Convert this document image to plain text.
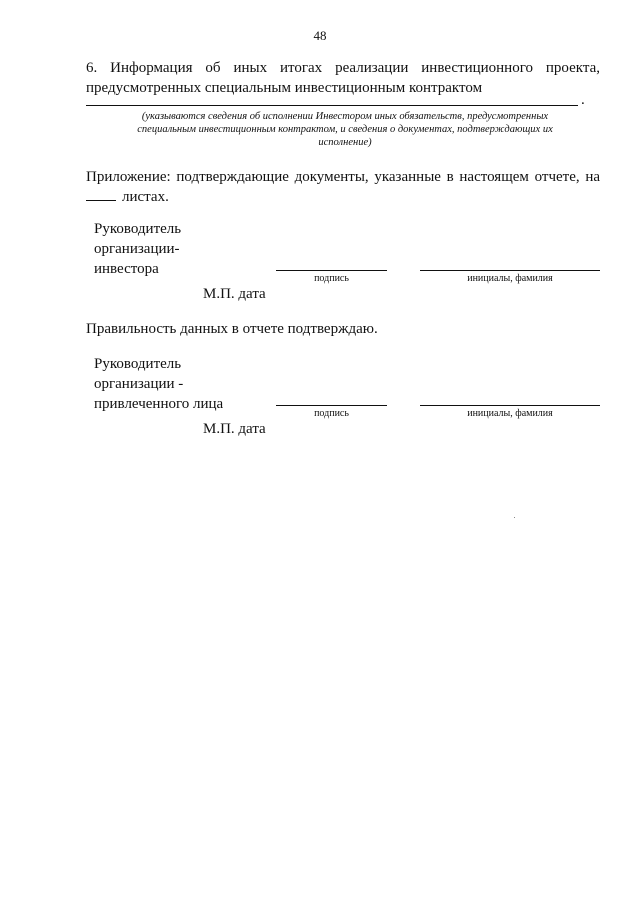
48
6. Информация об иных итогах реализации инвестиционного проекта,
предусмотренных специальным инвестиционным контрактом
.
(указываются сведения об исполнении Инвестором иных обязательств, предусмотренных
специальным инвестиционным контрактом, и сведения о документах, подтверждающих их
исполнение)
Приложение: подтверждающие документы, указанные в настоящем отчете, на
листах.
Руководитель
организации-
инвестора
подпись	инициалы, фамилия
М.П. дата
Правильность данных в отчете подтверждаю.
Руководитель
организации -
привлеченного лица
подпись	инициалы, фамилия
М.П. дата
